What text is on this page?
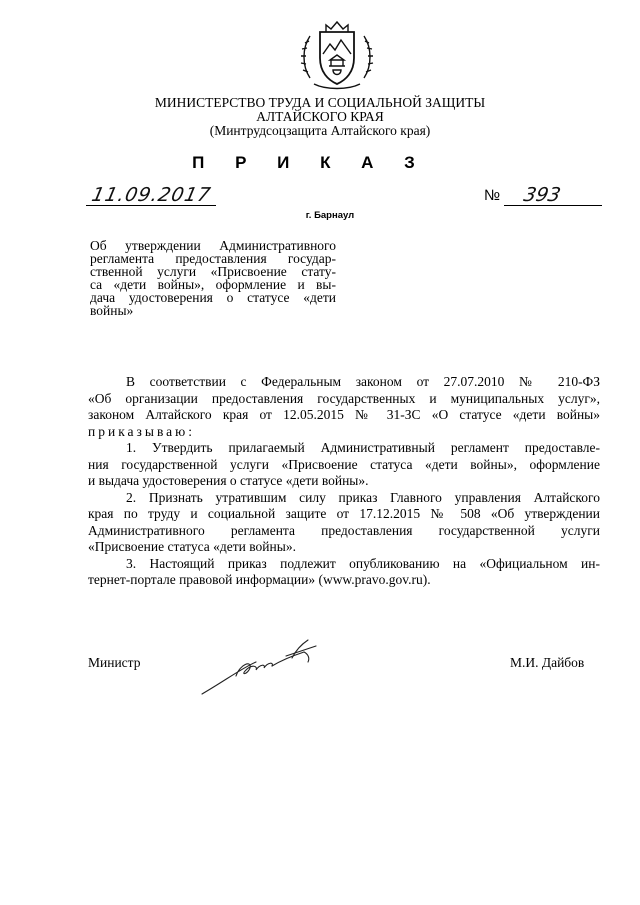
МИНИСТЕРСТВО ТРУДА И СОЦИАЛЬНОЙ ЗАЩИТЫ
АЛТАЙСКОГО КРАЯ
(Минтрудсоцзащита Алтайского края)
П Р И К А З
11.09.2017	№ 393
г. Барнаул
Об утверждении Административного
регламента предоставления государ-
ственной услуги «Присвоение стату-
са «дети войны», оформление и вы-
дача удостоверения о статусе «дети
войны»
В соответствии с Федеральным законом от 27.07.2010 № 210-ФЗ
«Об организации предоставления государственных и муниципальных услуг»,
законом Алтайского края от 12.05.2015 № 31-ЗС «О статусе «дети войны»
приказываю:
1. Утвердить прилагаемый Административный регламент предоставле-
ния государственной услуги «Присвоение статуса «дети войны», оформление
и выдача удостоверения о статусе «дети войны».
2. Признать утратившим силу приказ Главного управления Алтайского
края по труду и социальной защите от 17.12.2015 № 508 «Об утверждении
Административного регламента предоставления государственной услуги
«Присвоение статуса «дети войны».
3. Настоящий приказ подлежит опубликованию на «Официальном ин-
тернет-портале правовой информации» (www.pravo.gov.ru).
Министр	М.И. Дайбов
